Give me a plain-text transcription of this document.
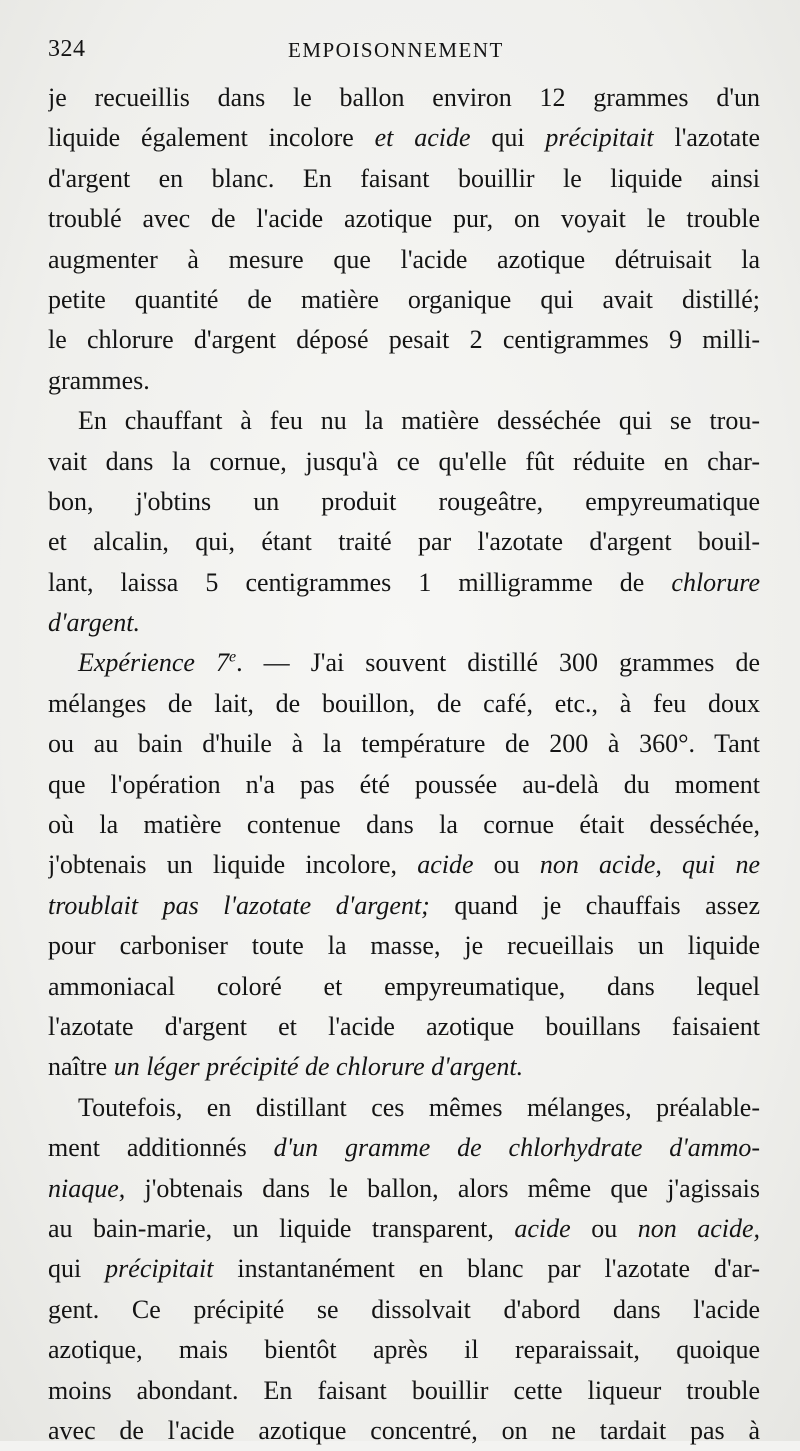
324	EMPOISONNEMENT
je recueillis dans le ballon environ 12 grammes d'un
liquide également incolore et acide qui précipitait l'azotate
d'argent en blanc. En faisant bouillir le liquide ainsi
troublé avec de l'acide azotique pur, on voyait le trouble
augmenter à mesure que l'acide azotique détruisait la
petite quantité de matière organique qui avait distillé;
le chlorure d'argent déposé pesait 2 centigrammes 9 milli-
grammes.
En chauffant à feu nu la matière desséchée qui se trou-
vait dans la cornue, jusqu'à ce qu'elle fût réduite en char-
bon, j'obtins un produit rougeâtre, empyreumatique
et alcalin, qui, étant traité par l'azotate d'argent bouil-
lant, laissa 5 centigrammes 1 milligramme de chlorure
d'argent.
Expérience 7e. — J'ai souvent distillé 300 grammes de
mélanges de lait, de bouillon, de café, etc., à feu doux
ou au bain d'huile à la température de 200 à 360°. Tant
que l'opération n'a pas été poussée au-delà du moment
où la matière contenue dans la cornue était desséchée,
j'obtenais un liquide incolore, acide ou non acide, qui ne
troublait pas l'azotate d'argent; quand je chauffais assez
pour carboniser toute la masse, je recueillais un liquide
ammoniacal coloré et empyreumatique, dans lequel
l'azotate d'argent et l'acide azotique bouillans faisaient
naître un léger précipité de chlorure d'argent.
Toutefois, en distillant ces mêmes mélanges, préalable-
ment additionnés d'un gramme de chlorhydrate d'ammo-
niaque, j'obtenais dans le ballon, alors même que j'agissais
au bain-marie, un liquide transparent, acide ou non acide,
qui précipitait instantanément en blanc par l'azotate d'ar-
gent. Ce précipité se dissolvait d'abord dans l'acide
azotique, mais bientôt après il reparaissait, quoique
moins abondant. En faisant bouillir cette liqueur trouble
avec de l'acide azotique concentré, on ne tardait pas à
